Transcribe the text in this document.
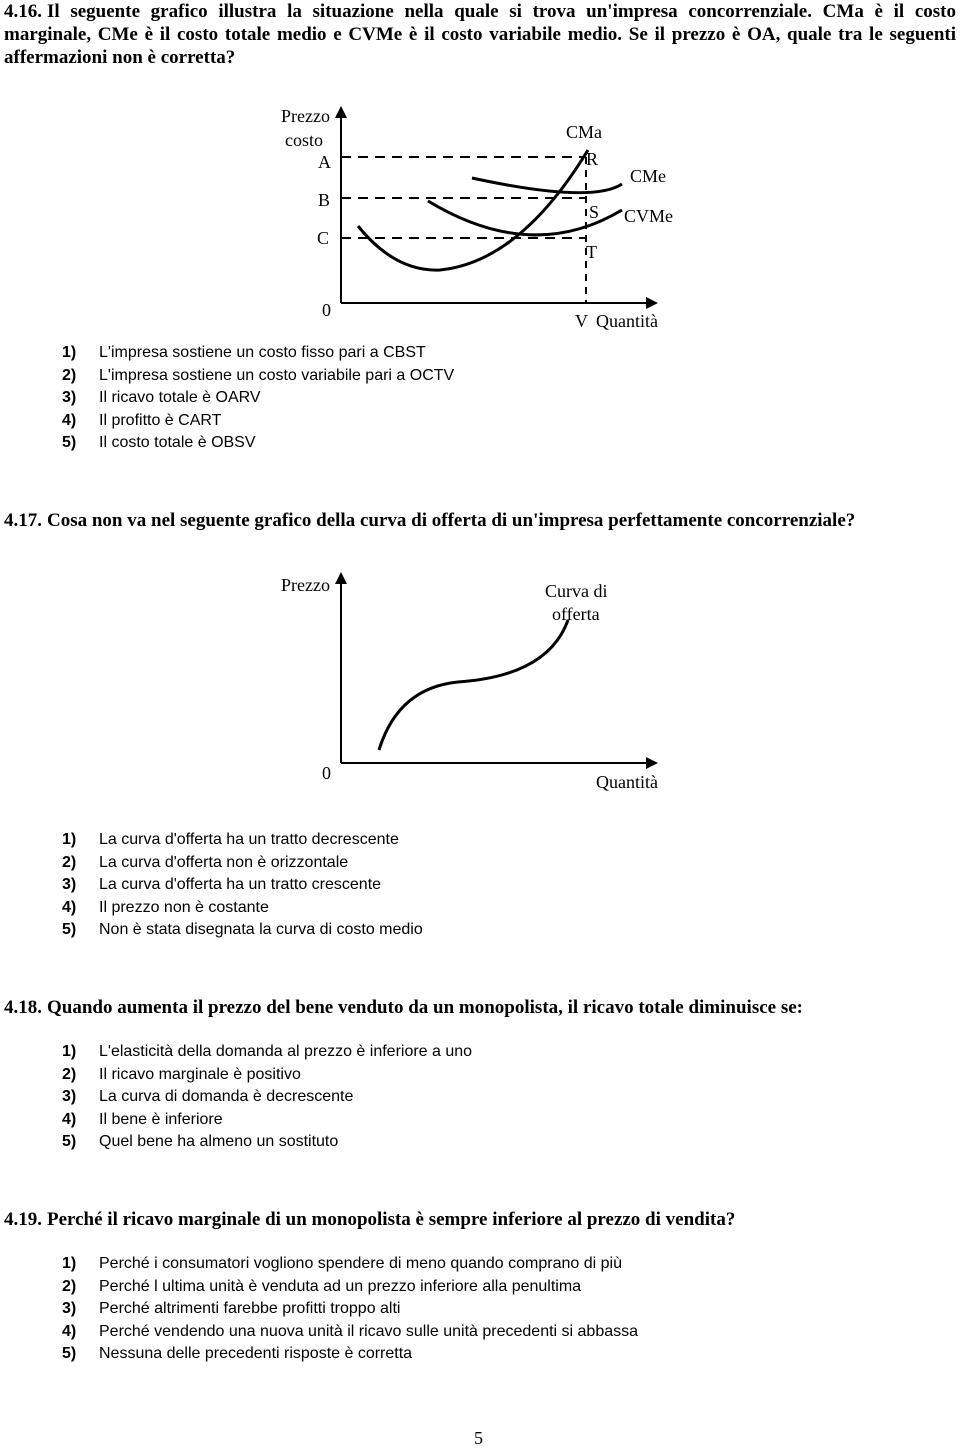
4.16. Il seguente grafico illustra la situazione nella quale si trova un'impresa concorrenziale. CMa è il costo marginale, CMe è il costo totale medio e CVMe è il costo variabile medio. Se il prezzo è OA, quale tra le seguenti affermazioni non è corretta?

Prezzo
costo
A
B
C
0
CMa
R
CMe
S CVMe
T
V Quantità
1) L'impresa sostiene un costo fisso pari a CBST
2) L'impresa sostiene un costo variabile pari a OCTV
3) Il ricavo totale è OARV
4) Il profitto è CART
5) Il costo totale è OBSV

4.17. Cosa non va nel seguente grafico della curva di offerta di un'impresa perfettamente concorrenziale?

Prezzo	Curva di
offerta
0	Quantità
1) La curva d'offerta ha un tratto decrescente
2) La curva d'offerta non è orizzontale
3) La curva d'offerta ha un tratto crescente
4) Il prezzo non è costante
5) Non è stata disegnata la curva di costo medio

4.18. Quando aumenta il prezzo del bene venduto da un monopolista, il ricavo totale diminuisce se:

1) L'elasticità della domanda al prezzo è inferiore a uno
2) Il ricavo marginale è positivo
3) La curva di domanda è decrescente
4) Il bene è inferiore
5) Quel bene ha almeno un sostituto

4.19. Perché il ricavo marginale di un monopolista è sempre inferiore al prezzo di vendita?

1) Perché i consumatori vogliono spendere di meno quando comprano di più
2) Perché l ultima unità è venduta ad un prezzo inferiore alla penultima
3) Perché altrimenti farebbe profitti troppo alti
4) Perché vendendo una nuova unità il ricavo sulle unità precedenti si abbassa
5) Nessuna delle precedenti risposte è corretta
5
